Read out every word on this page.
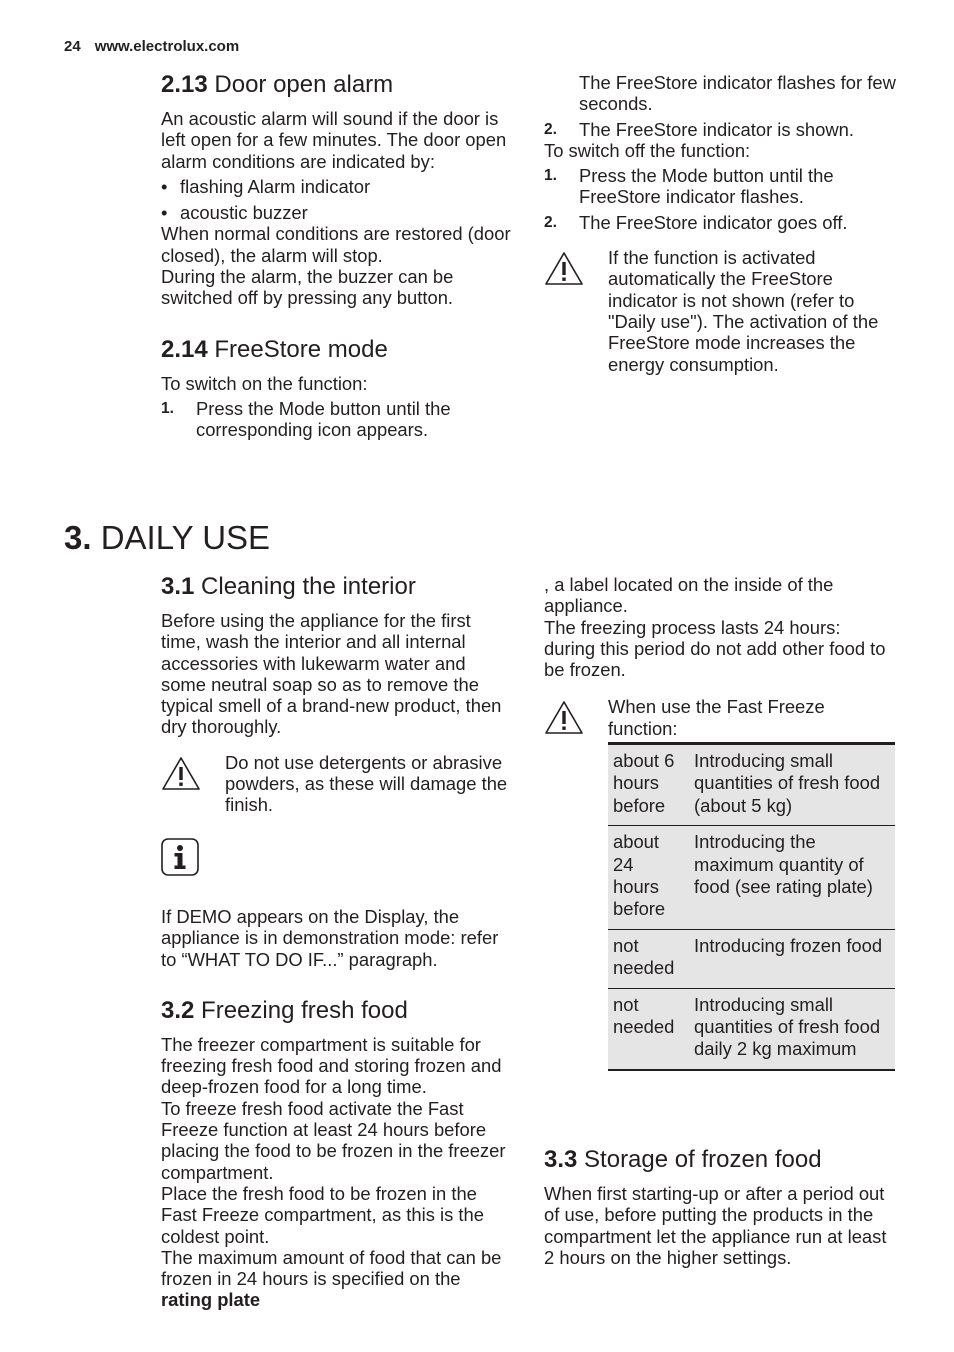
24 www.electrolux.com
2.13 Door open alarm

An acoustic alarm will sound if the door is left open for a few minutes. The door open alarm conditions are indicated by:

• flashing Alarm indicator
• acoustic buzzer

When normal conditions are restored (door closed), the alarm will stop.

During the alarm, the buzzer can be switched off by pressing any button.

2.14 FreeStore mode

To switch on the function:

1.	Press the Mode button until the corresponding icon appears.
The FreeStore indicator flashes for few seconds.
2.	The FreeStore indicator is shown.

To switch off the function:

1.	Press the Mode button until the FreeStore indicator flashes.
2.	The FreeStore indicator goes off.
If the function is activated automatically the FreeStore indicator is not shown (refer to "Daily use"). The activation of the FreeStore mode increases the energy consumption.
3. DAILY USE
3.1 Cleaning the interior

Before using the appliance for the first time, wash the interior and all internal accessories with lukewarm water and some neutral soap so as to remove the typical smell of a brand-new product, then dry thoroughly.

Do not use detergents or abrasive powders, as these will damage the finish.

If DEMO appears on the Display, the appliance is in demonstration mode: refer to “WHAT TO DO IF...” paragraph.

3.2 Freezing fresh food

The freezer compartment is suitable for freezing fresh food and storing frozen and deep-frozen food for a long time.

To freeze fresh food activate the Fast Freeze function at least 24 hours before placing the food to be frozen in the freezer compartment.

Place the fresh food to be frozen in the Fast Freeze compartment, as this is the coldest point.

The maximum amount of food that can be frozen in 24 hours is specified on the rating plate

, a label located on the inside of the appliance.

The freezing process lasts 24 hours: during this period do not add other food to be frozen.

When use the Fast Freeze function:
about 6 hours before	Introducing small quantities of fresh food (about 5 kg)
about 24 hours before	Introducing the maximum quantity of food (see rating plate)
not needed	Introducing frozen food
not needed	Introducing small quantities of fresh food daily 2 kg maximum
3.3 Storage of frozen food

When first starting-up or after a period out of use, before putting the products in the compartment let the appliance run at least 2 hours on the higher settings.
